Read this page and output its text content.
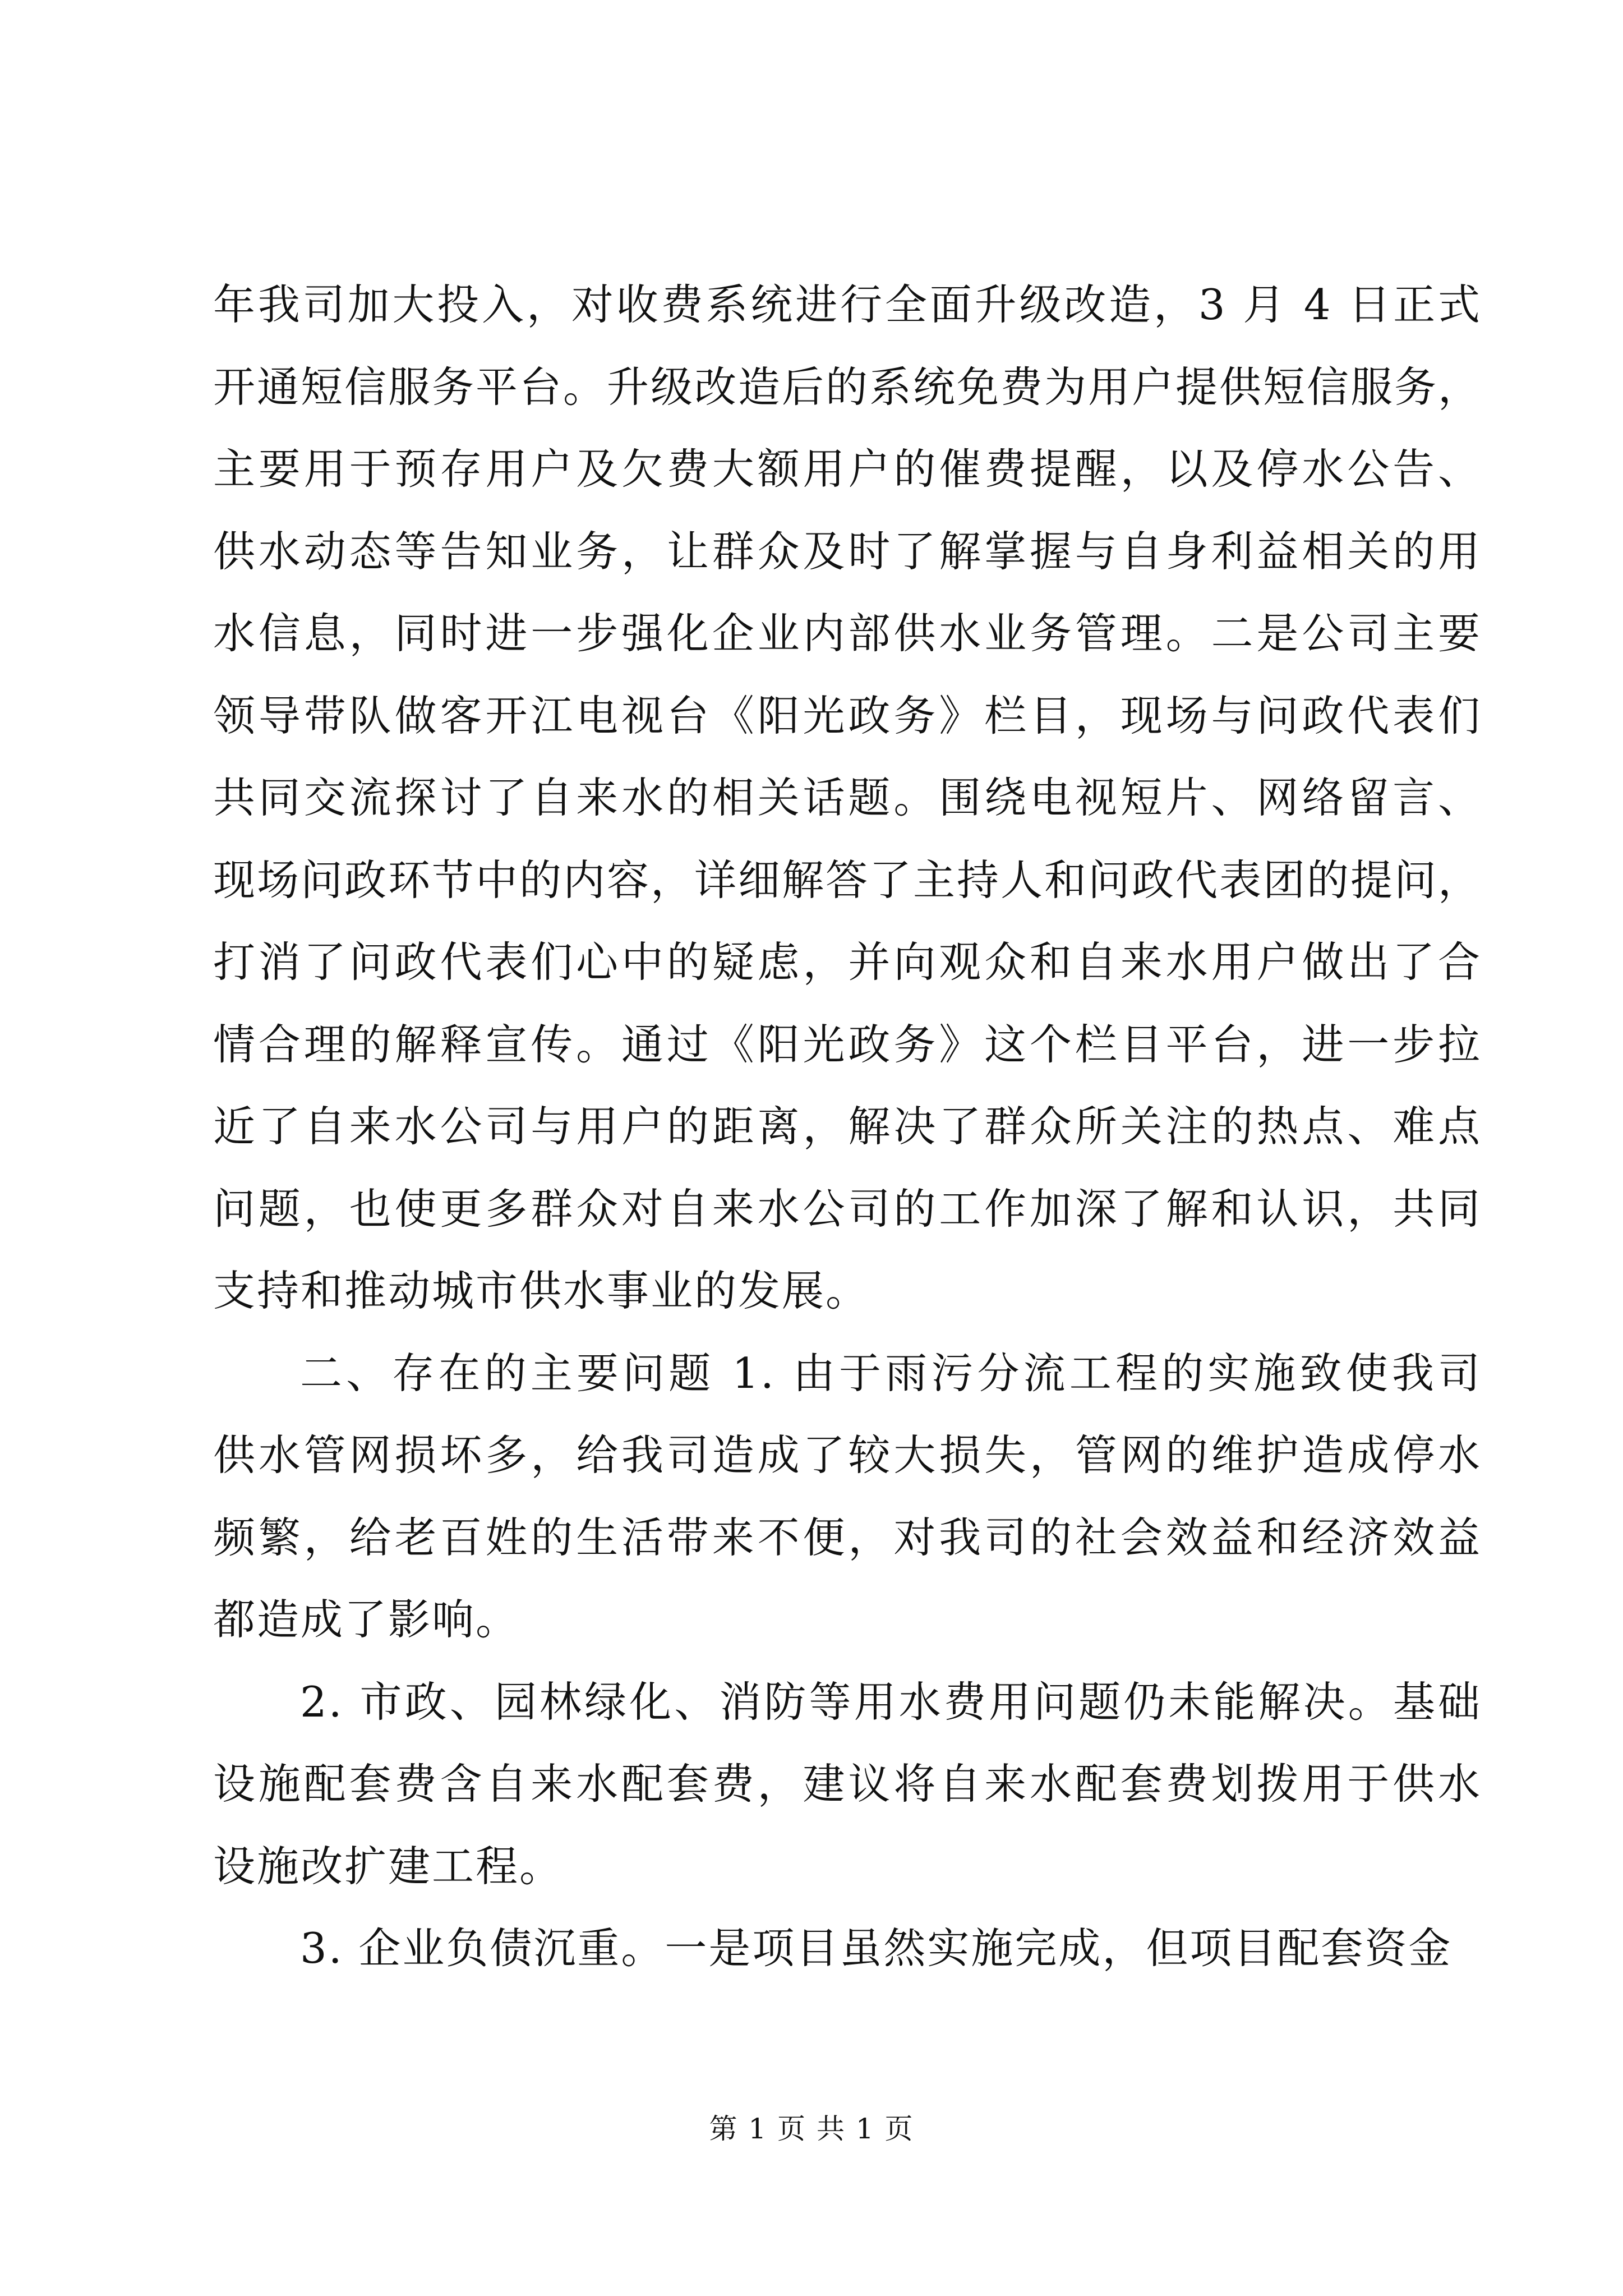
年我司加大投入，对收费系统进行全面升级改造，3 月 4 日正式
开通短信服务平台。升级改造后的系统免费为用户提供短信服务，
主要用于预存用户及欠费大额用户的催费提醒，以及停水公告、
供水动态等告知业务，让群众及时了解掌握与自身利益相关的用
水信息，同时进一步强化企业内部供水业务管理。二是公司主要
领导带队做客开江电视台《阳光政务》栏目，现场与问政代表们
共同交流探讨了自来水的相关话题。围绕电视短片、网络留言、
现场问政环节中的内容，详细解答了主持人和问政代表团的提问，
打消了问政代表们心中的疑虑，并向观众和自来水用户做出了合
情合理的解释宣传。通过《阳光政务》这个栏目平台，进一步拉
近了自来水公司与用户的距离，解决了群众所关注的热点、难点
问题，也使更多群众对自来水公司的工作加深了解和认识，共同
支持和推动城市供水事业的发展。
二、存在的主要问题 1. 由于雨污分流工程的实施致使我司
供水管网损坏多，给我司造成了较大损失，管网的维护造成停水
频繁，给老百姓的生活带来不便，对我司的社会效益和经济效益
都造成了影响。
2. 市政、园林绿化、消防等用水费用问题仍未能解决。基础
设施配套费含自来水配套费，建议将自来水配套费划拨用于供水
设施改扩建工程。
3. 企业负债沉重。一是项目虽然实施完成，但项目配套资金
第 1 页 共 1 页
